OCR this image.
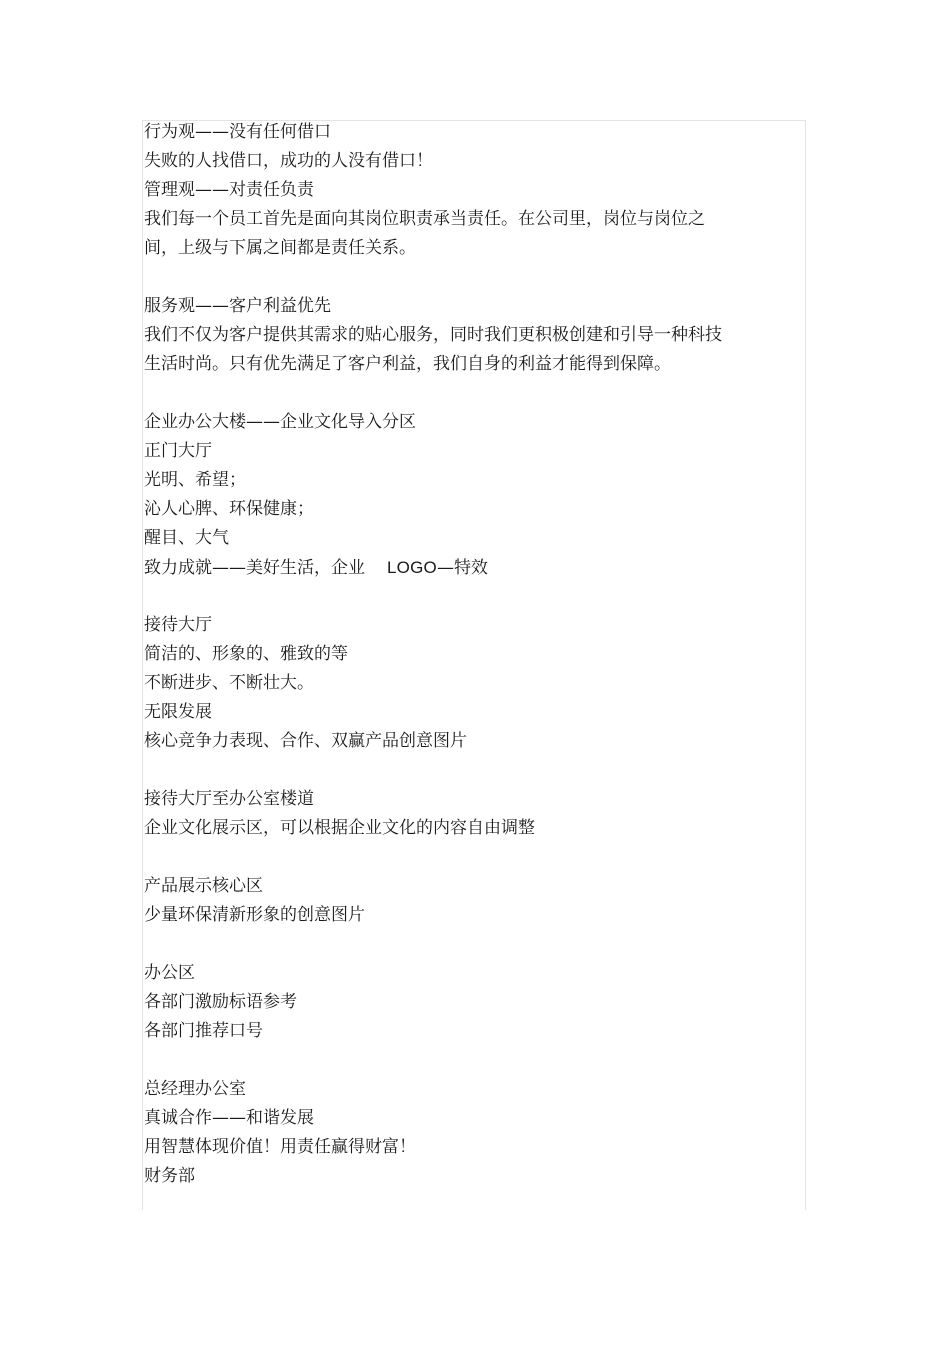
行为观——没有任何借口
失败的人找借口，成功的人没有借口！
管理观——对责任负责
我们每一个员工首先是面向其岗位职责承当责任。在公司里，岗位与岗位之
间，上级与下属之间都是责任关系。
服务观——客户利益优先
我们不仅为客户提供其需求的贴心服务，同时我们更积极创建和引导一种科技
生活时尚。只有优先满足了客户利益，我们自身的利益才能得到保障。
企业办公大楼——企业文化导入分区
正门大厅
光明、希望；
沁人心脾、环保健康；
醒目、大气
致力成就——美好生活，企业 LOGO—特效
接待大厅
简洁的、形象的、雅致的等
不断进步、不断壮大。
无限发展
核心竞争力表现、合作、双赢产品创意图片
接待大厅至办公室楼道
企业文化展示区，可以根据企业文化的内容自由调整
产品展示核心区
少量环保清新形象的创意图片
办公区
各部门激励标语参考
各部门推荐口号
总经理办公室
真诚合作——和谐发展
用智慧体现价值！用责任赢得财富！
财务部
